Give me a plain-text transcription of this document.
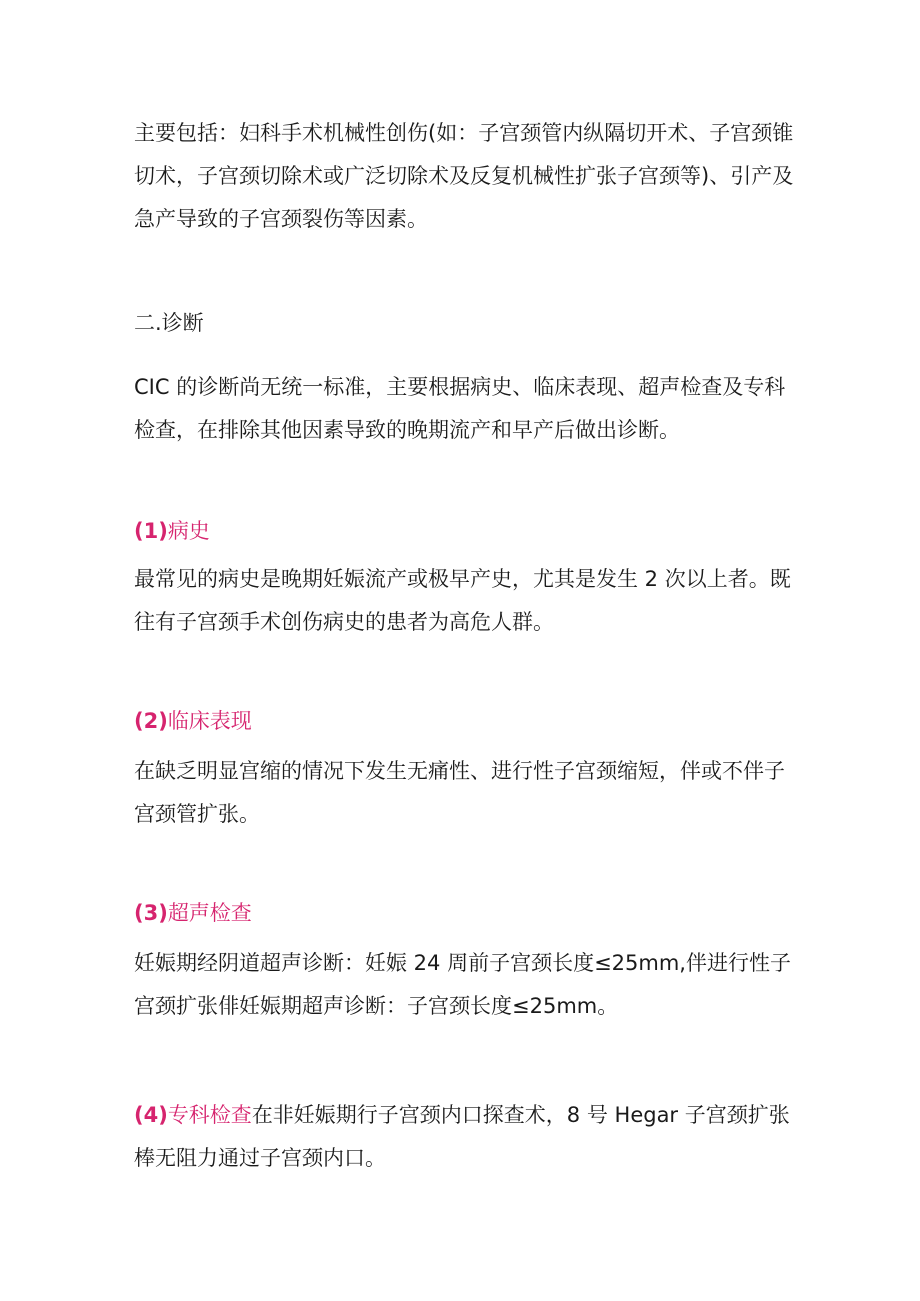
主要包括：妇科手术机械性创伤(如：子宫颈管内纵隔切开术、子宫颈锥切术，子宫颈切除术或广泛切除术及反复机械性扩张子宫颈等)、引产及急产导致的子宫颈裂伤等因素。

二.诊断

CIC 的诊断尚无统一标准，主要根据病史、临床表现、超声检查及专科检查，在排除其他因素导致的晚期流产和早产后做出诊断。

(1)病史

最常见的病史是晚期妊娠流产或极早产史，尤其是发生 2 次以上者。既往有子宫颈手术创伤病史的患者为高危人群。

(2)临床表现

在缺乏明显宫缩的情况下发生无痛性、进行性子宫颈缩短，伴或不伴子宫颈管扩张。

(3)超声检查

妊娠期经阴道超声诊断：妊娠 24 周前子宫颈长度≤25mm,伴进行性子宫颈扩张俳妊娠期超声诊断：子宫颈长度≤25mm。

(4)专科检查在非妊娠期行子宫颈内口探查术，8 号 Hegar 子宫颈扩张棒无阻力通过子宫颈内口。
